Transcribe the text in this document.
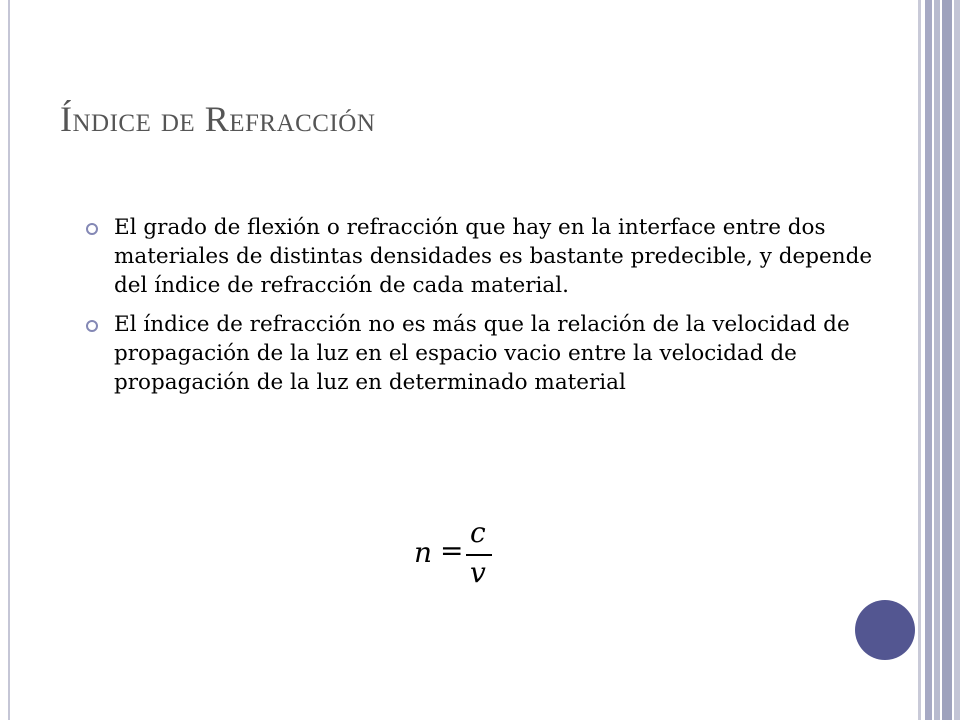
Índice de Refracción
El grado de flexión o refracción que hay en la interface entre dos materiales de distintas densidades es bastante predecible, y depende del índice de refracción de cada material.
El índice de refracción no es más que la relación de la velocidad de propagación de la luz en el espacio vacio entre la velocidad de propagación de la luz en determinado material
n =
c
v
